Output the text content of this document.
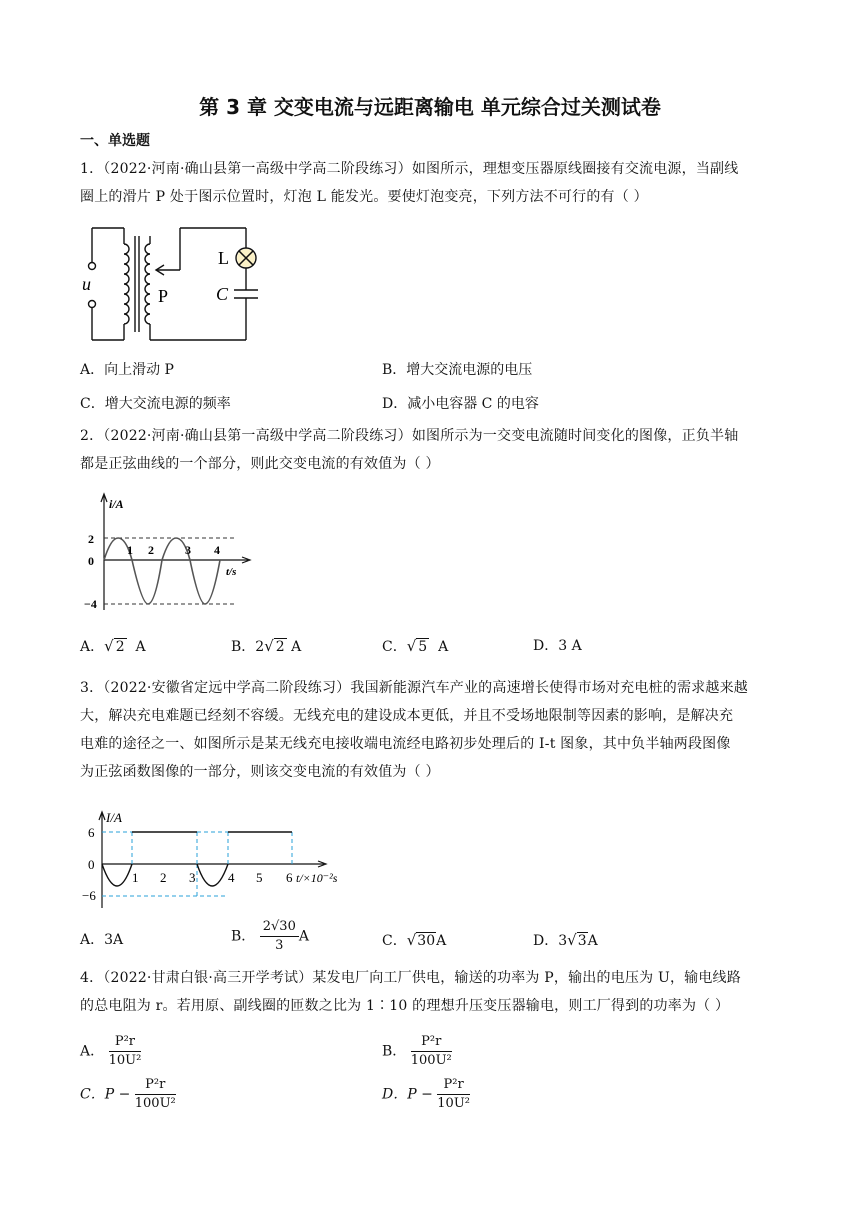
第 3 章 交变电流与远距离输电 单元综合过关测试卷
一、单选题
1．（2022·河南·确山县第一高级中学高二阶段练习）如图所示，理想变压器原线圈接有交流电源，当副线
圈上的滑片 P 处于图示位置时，灯泡 L 能发光。要使灯泡变亮，下列方法不可行的有（ ）
u
P
L
C
A．向上滑动 P	B．增大交流电源的电压
C．增大交流电源的频率	D．减小电容器 C 的电容
2．（2022·河南·确山县第一高级中学高二阶段练习）如图所示为一交变电流随时间变化的图像，正负半轴
都是正弦曲线的一个部分，则此交变电流的有效值为（ ）
i/A
2
0
−4
1 2	3 4
t/s
A．√ 2 A	B．2√ 2 A	C．√ 5 A	D．3 A
3．（2022·安徽省定远中学高二阶段练习）我国新能源汽车产业的高速增长使得市场对充电桩的需求越来越
大，解决充电难题已经刻不容缓。无线充电的建设成本更低，并且不受场地限制等因素的影响，是解决充
电难的途径之一、如图所示是某无线充电接收端电流经电路初步处理后的 I-t 图象，其中负半轴两段图像
为正弦函数图像的一部分，则该交变电流的有效值为（ ）
I/A
6
0
−6
1 2 3	4 5 6 t/×10⁻²s
A．3A	B． $\frac{2√30}{3}$ A	C．√30A	D．3√3A
4．（2022·甘肃白银·高三开学考试）某发电厂向工厂供电，输送的功率为 P，输出的电压为 U，输电线路
的总电阻为 r。若用原、副线圈的匝数之比为 1∶10 的理想升压变压器输电，则工厂得到的功率为（ ）
A． $\frac{\text{P²r}}{\text{10U²}}$	B． $\frac{\text{P²r}}{\text{100U²}}$
C．$P - \frac{\text{P²r}}{\text{100U²}}$	D．$P - \frac{\text{P²r}}{\text{10U²}}$
